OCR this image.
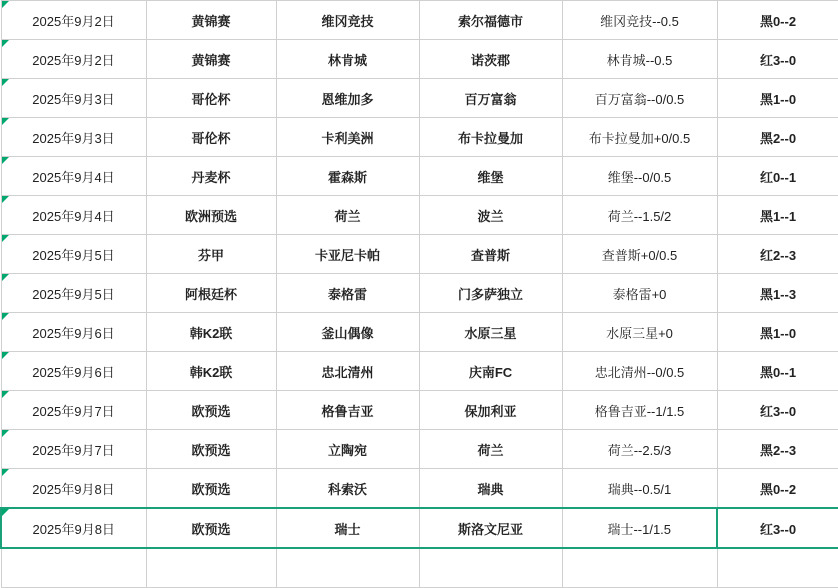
2025年9月2日	黄锦赛	维冈竞技	索尔福德市	维冈竞技--0.5	黑0--2

2025年9月2日	黄锦赛	林肯城	诺茨郡	林肯城--0.5	红3--0

2025年9月3日	哥伦杯	恩维加多	百万富翁	百万富翁--0/0.5	黑1--0

2025年9月3日	哥伦杯	卡利美洲	布卡拉曼加	布卡拉曼加+0/0.5	黑2--0

2025年9月4日	丹麦杯	霍森斯	维堡	维堡--0/0.5	红0--1

2025年9月4日	欧洲预选	荷兰	波兰	荷兰--1.5/2	黑1--1

2025年9月5日	芬甲	卡亚尼卡帕	查普斯	查普斯+0/0.5	红2--3

2025年9月5日	阿根廷杯	泰格雷	门多萨独立	泰格雷+0	黑1--3

2025年9月6日	韩K2联	釜山偶像	水原三星	水原三星+0	黑1--0

2025年9月6日	韩K2联	忠北清州	庆南FC	忠北清州--0/0.5	黑0--1

2025年9月7日	欧预选	格鲁吉亚	保加利亚	格鲁吉亚--1/1.5	红3--0

2025年9月7日	欧预选	立陶宛	荷兰	荷兰--2.5/3	黑2--3

2025年9月8日	欧预选	科索沃	瑞典	瑞典--0.5/1	黑0--2

2025年9月8日	欧预选	瑞士	斯洛文尼亚	瑞士--1/1.5	红3--0
